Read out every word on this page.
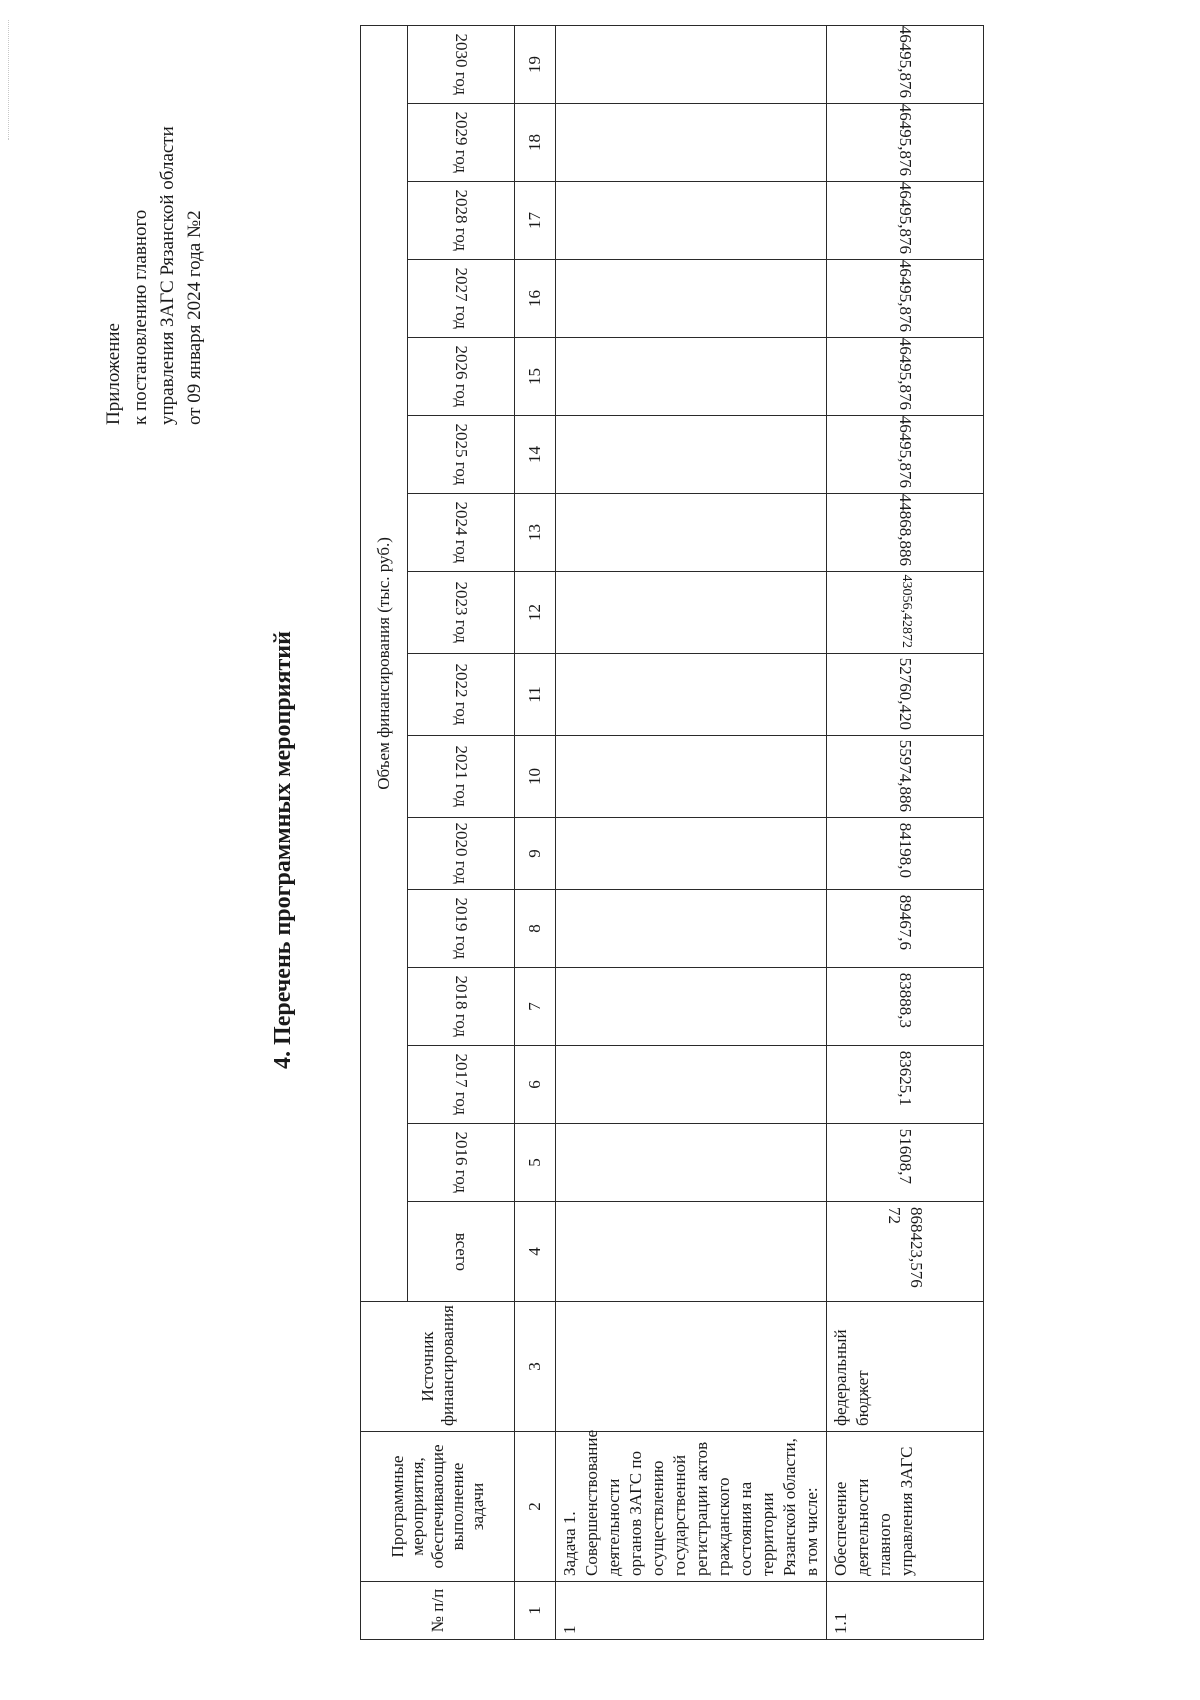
Приложение к постановлению главного управления ЗАГС Рязанской области от 09 января 2024 года №2
4. Перечень программных мероприятий
№ п/п	Программные мероприятия, обеспечивающие выполнение задачи	Источник финансирования	Объем финансирования (тыс. руб.)															
			всего	2016 год	2017 год	2018 год	2019 год	2020 год	2021 год	2022 год	2023 год	2024 год	2025 год	2026 год	2027 год	2028 год	2029 год	2030 год
1	2	3	4	5	6	7	8	9	10	11	12	13	14	15	16	17	18	19
1	Задача 1. Совершенствование деятельности органов ЗАГС по осуществлению государственной регистрации актов гражданского состояния на территории Рязанской области, в том числе:																	
1.1	Обеспечение деятельности главного управления ЗАГС	федеральный бюджет	868423,57672	51608,7	83625,1	83888,3	89467,6	84198,0	55974,886	52760,420	43056,42872	44868,886	46495,876	46495,876	46495,876	46495,876	46495,876	46495,876
